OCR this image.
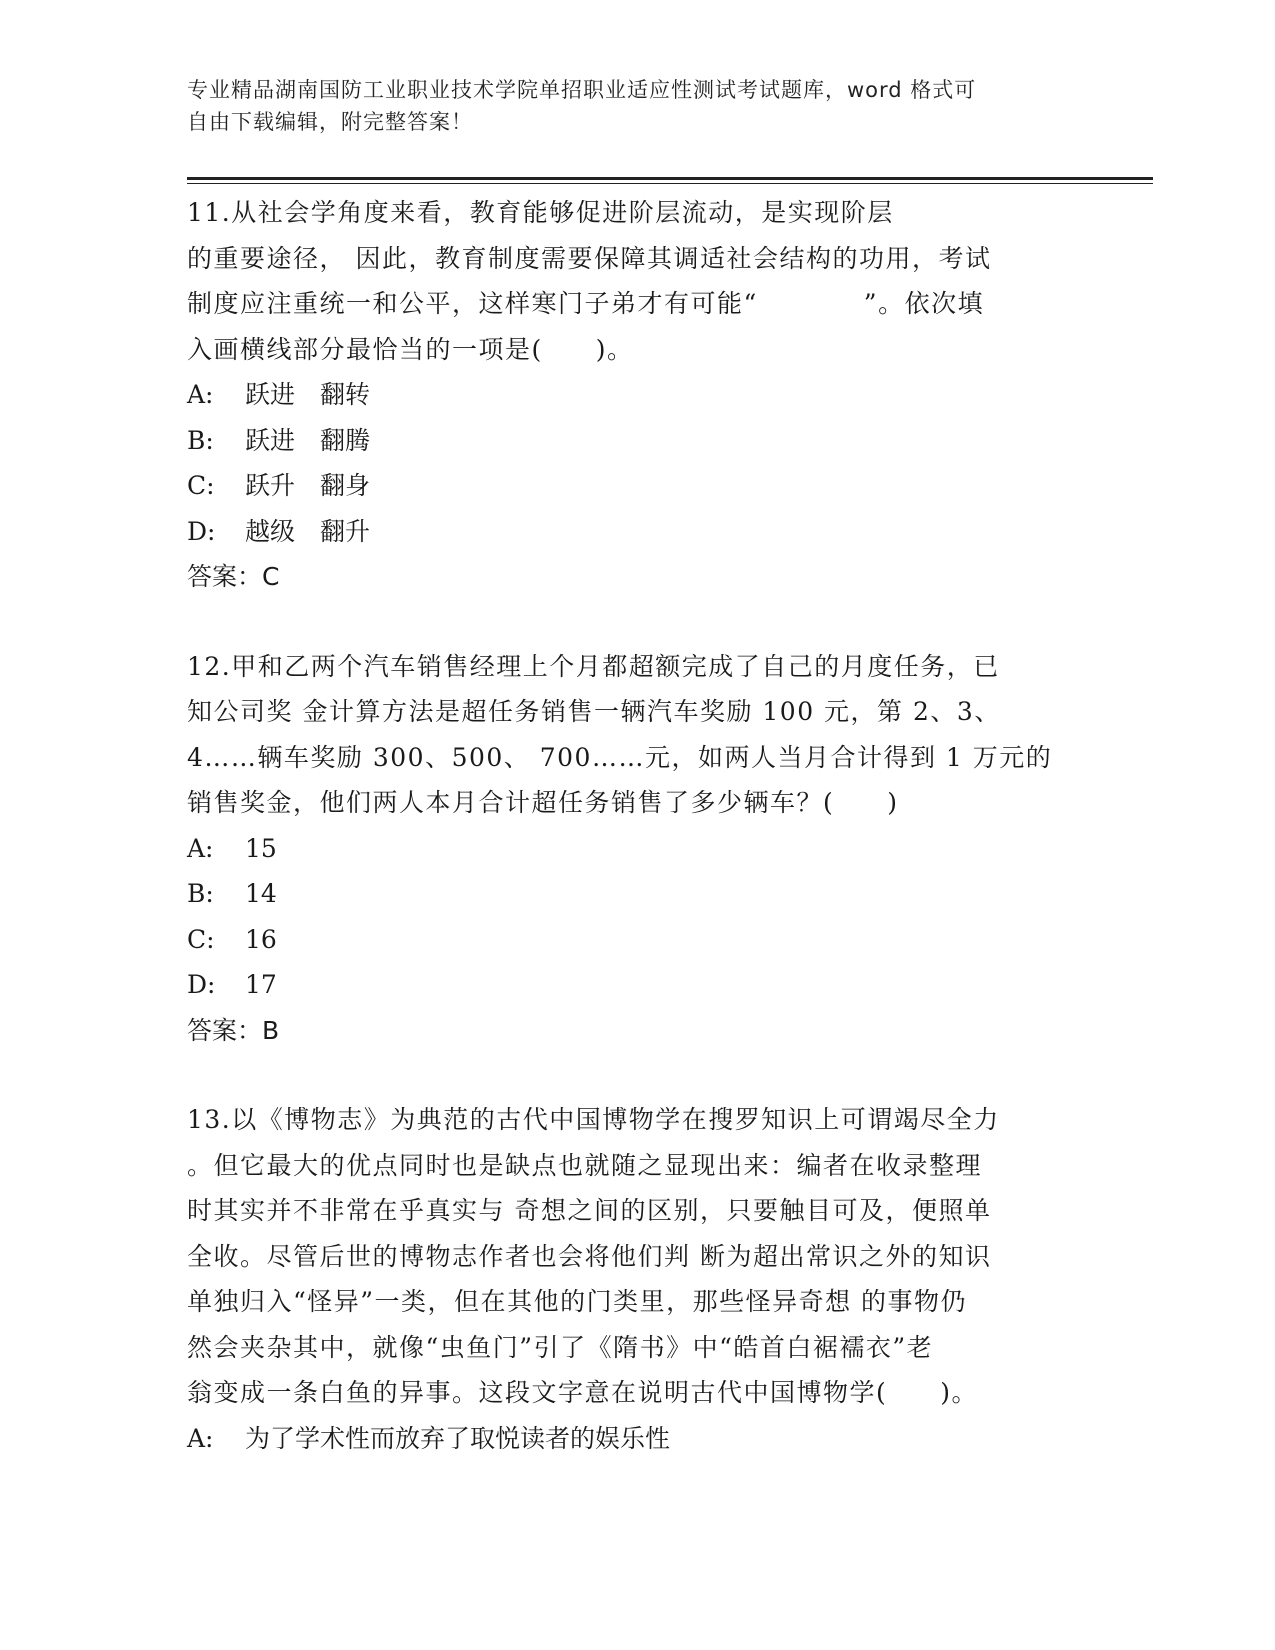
专业精品湖南国防工业职业技术学院单招职业适应性测试考试题库，word 格式可
自由下载编辑，附完整答案！
11.从社会学角度来看，教育能够促进阶层流动，是实现阶层
的重要途径， 因此，教育制度需要保障其调适社会结构的功用，考试
制度应注重统一和公平，这样寒门子弟才有可能“　　　　”。依次填
入画横线部分最恰当的一项是(　　)。
A: 跃进　翻转
B: 跃进　翻腾
C: 跃升　翻身
D: 越级　翻升
答案：C
12.甲和乙两个汽车销售经理上个月都超额完成了自己的月度任务，已
知公司奖 金计算方法是超任务销售一辆汽车奖励 100 元，第 2、3、
4……辆车奖励 300、500、 700……元，如两人当月合计得到 1 万元的
销售奖金，他们两人本月合计超任务销售了多少辆车？(　　)
A: 15
B: 14
C: 16
D: 17
答案：B
13.以《博物志》为典范的古代中国博物学在搜罗知识上可谓竭尽全力
。但它最大的优点同时也是缺点也就随之显现出来：编者在收录整理
时其实并不非常在乎真实与 奇想之间的区别，只要触目可及，便照单
全收。尽管后世的博物志作者也会将他们判 断为超出常识之外的知识
单独归入“怪异”一类，但在其他的门类里，那些怪异奇想 的事物仍
然会夹杂其中，就像“虫鱼门”引了《隋书》中“皓首白裾襦衣”老
翁变成一条白鱼的异事。这段文字意在说明古代中国博物学(　　)。
A: 为了学术性而放弃了取悦读者的娱乐性
